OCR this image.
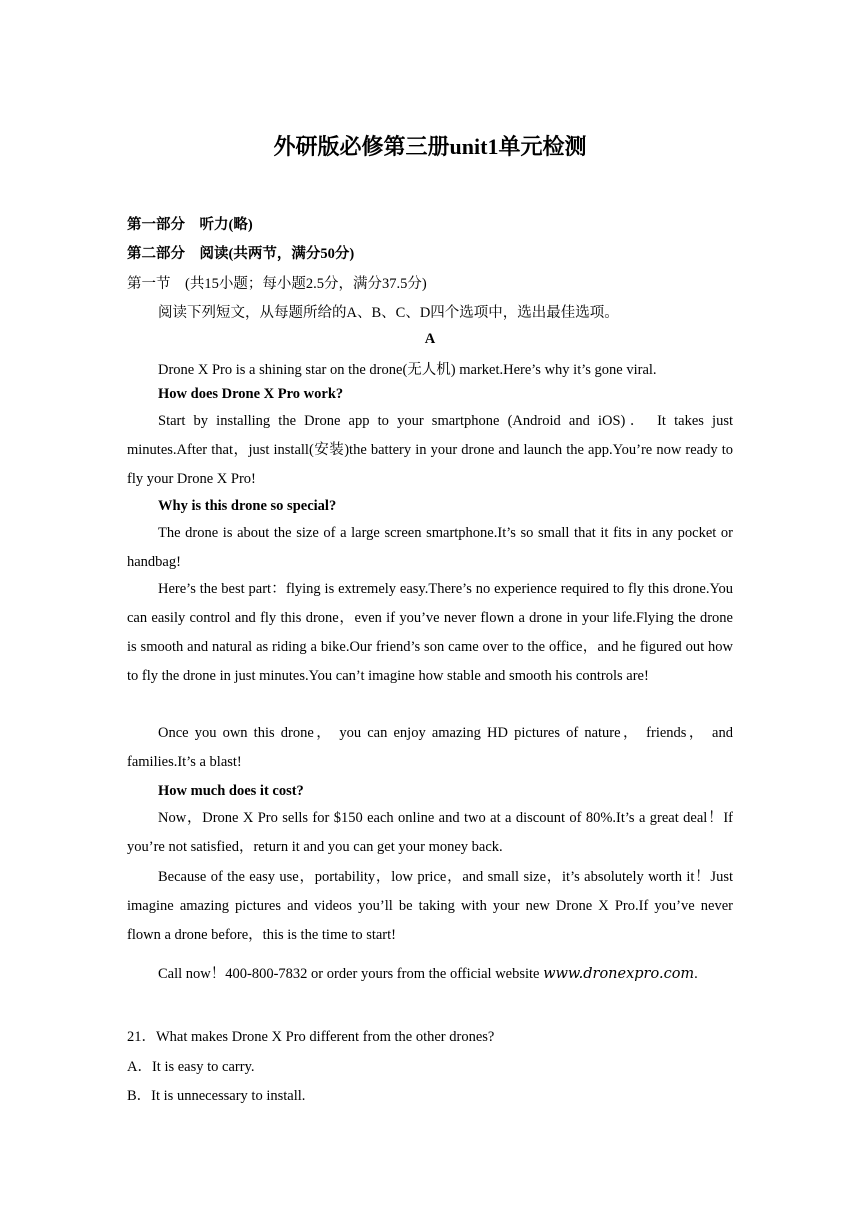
外研版必修第三册unit1单元检测
第一部分　听力(略)
第二部分　阅读(共两节，满分50分)
第一节　(共15小题；每小题2.5分，满分37.5分)
阅读下列短文，从每题所给的A、B、C、D四个选项中，选出最佳选项。
A
Drone X Pro is a shining star on the drone(无人机) market.Here’s why it’s gone viral.
How does Drone X Pro work?

Start by installing the Drone app to your smartphone (Android and iOS)． It takes just minutes.After that，just install(安装)the battery in your drone and launch the app.You’re now ready to fly your Drone X Pro!

Why is this drone so special?

The drone is about the size of a large screen smartphone.It’s so small that it fits in any pocket or handbag!

Here’s the best part：flying is extremely easy.There’s no experience required to fly this drone.You can easily control and fly this drone，even if you’ve never flown a drone in your life.Flying the drone is smooth and natural as riding a bike.Our friend’s son came over to the office，and he figured out how to fly the drone in just minutes.You can’t imagine how stable and smooth his controls are!

Once you own this drone， you can enjoy amazing HD pictures of nature， friends， and families.It’s a blast!

How much does it cost?

Now，Drone X Pro sells for $150 each online and two at a discount of 80%.It’s a great deal！If you’re not satisfied，return it and you can get your money back.

Because of the easy use，portability，low price，and small size，it’s absolutely worth it！Just imagine amazing pictures and videos you’ll be taking with your new Drone X Pro.If you’ve never flown a drone before，this is the time to start!

Call now！400-800-7832 or order yours from the official website www.dronexpro.com.
21．What makes Drone X Pro different from the other drones?
A．It is easy to carry.
B．It is unnecessary to install.
